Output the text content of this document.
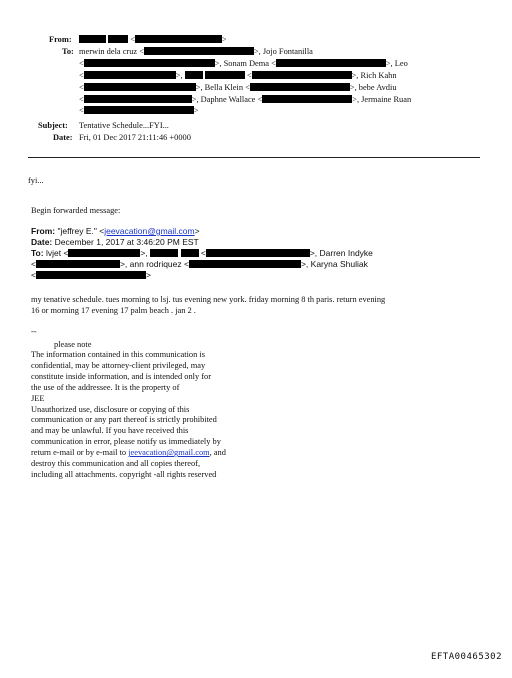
From:	<	>
To: merwin dela cruz <	>, Jojo Fontanilla
<	>, Sonam Dema <	>, Leo
<	>,	<	>, Rich Kahn
<	>, Bella Klein <	>, bebe Avdiu
<	>, Daphne Wallace <	>, Jermaine Ruan
<	>
Subject: Tentative Schedule...FYI...
Date: Fri, 01 Dec 2017 21:11:46 +0000
fyi...
Begin forwarded message:
From: "jeffrey E." <jeevacation@gmail.com>
Date: December 1, 2017 at 3:46:20 PM EST
To: lvjet <	>,	<	>, Darren Indyke
<	>, ann rodriquez <	>, Karyna Shuliak
<	>
my tenative schedule. tues morning to lsj. tus evening new york. friday morning 8 th paris. return evening
16 or morning 17 evening 17 palm beach . jan 2 .
--
please note
The information contained in this communication is
confidential, may be attorney-client privileged, may
constitute inside information, and is intended only for
the use of the addressee. It is the property of
JEE
Unauthorized use, disclosure or copying of this
communication or any part thereof is strictly prohibited
and may be unlawful. If you have received this
communication in error, please notify us immediately by
return e-mail or by e-mail to jeevacation@gmail.com, and
destroy this communication and all copies thereof,
including all attachments. copyright -all rights reserved
EFTA00465302
